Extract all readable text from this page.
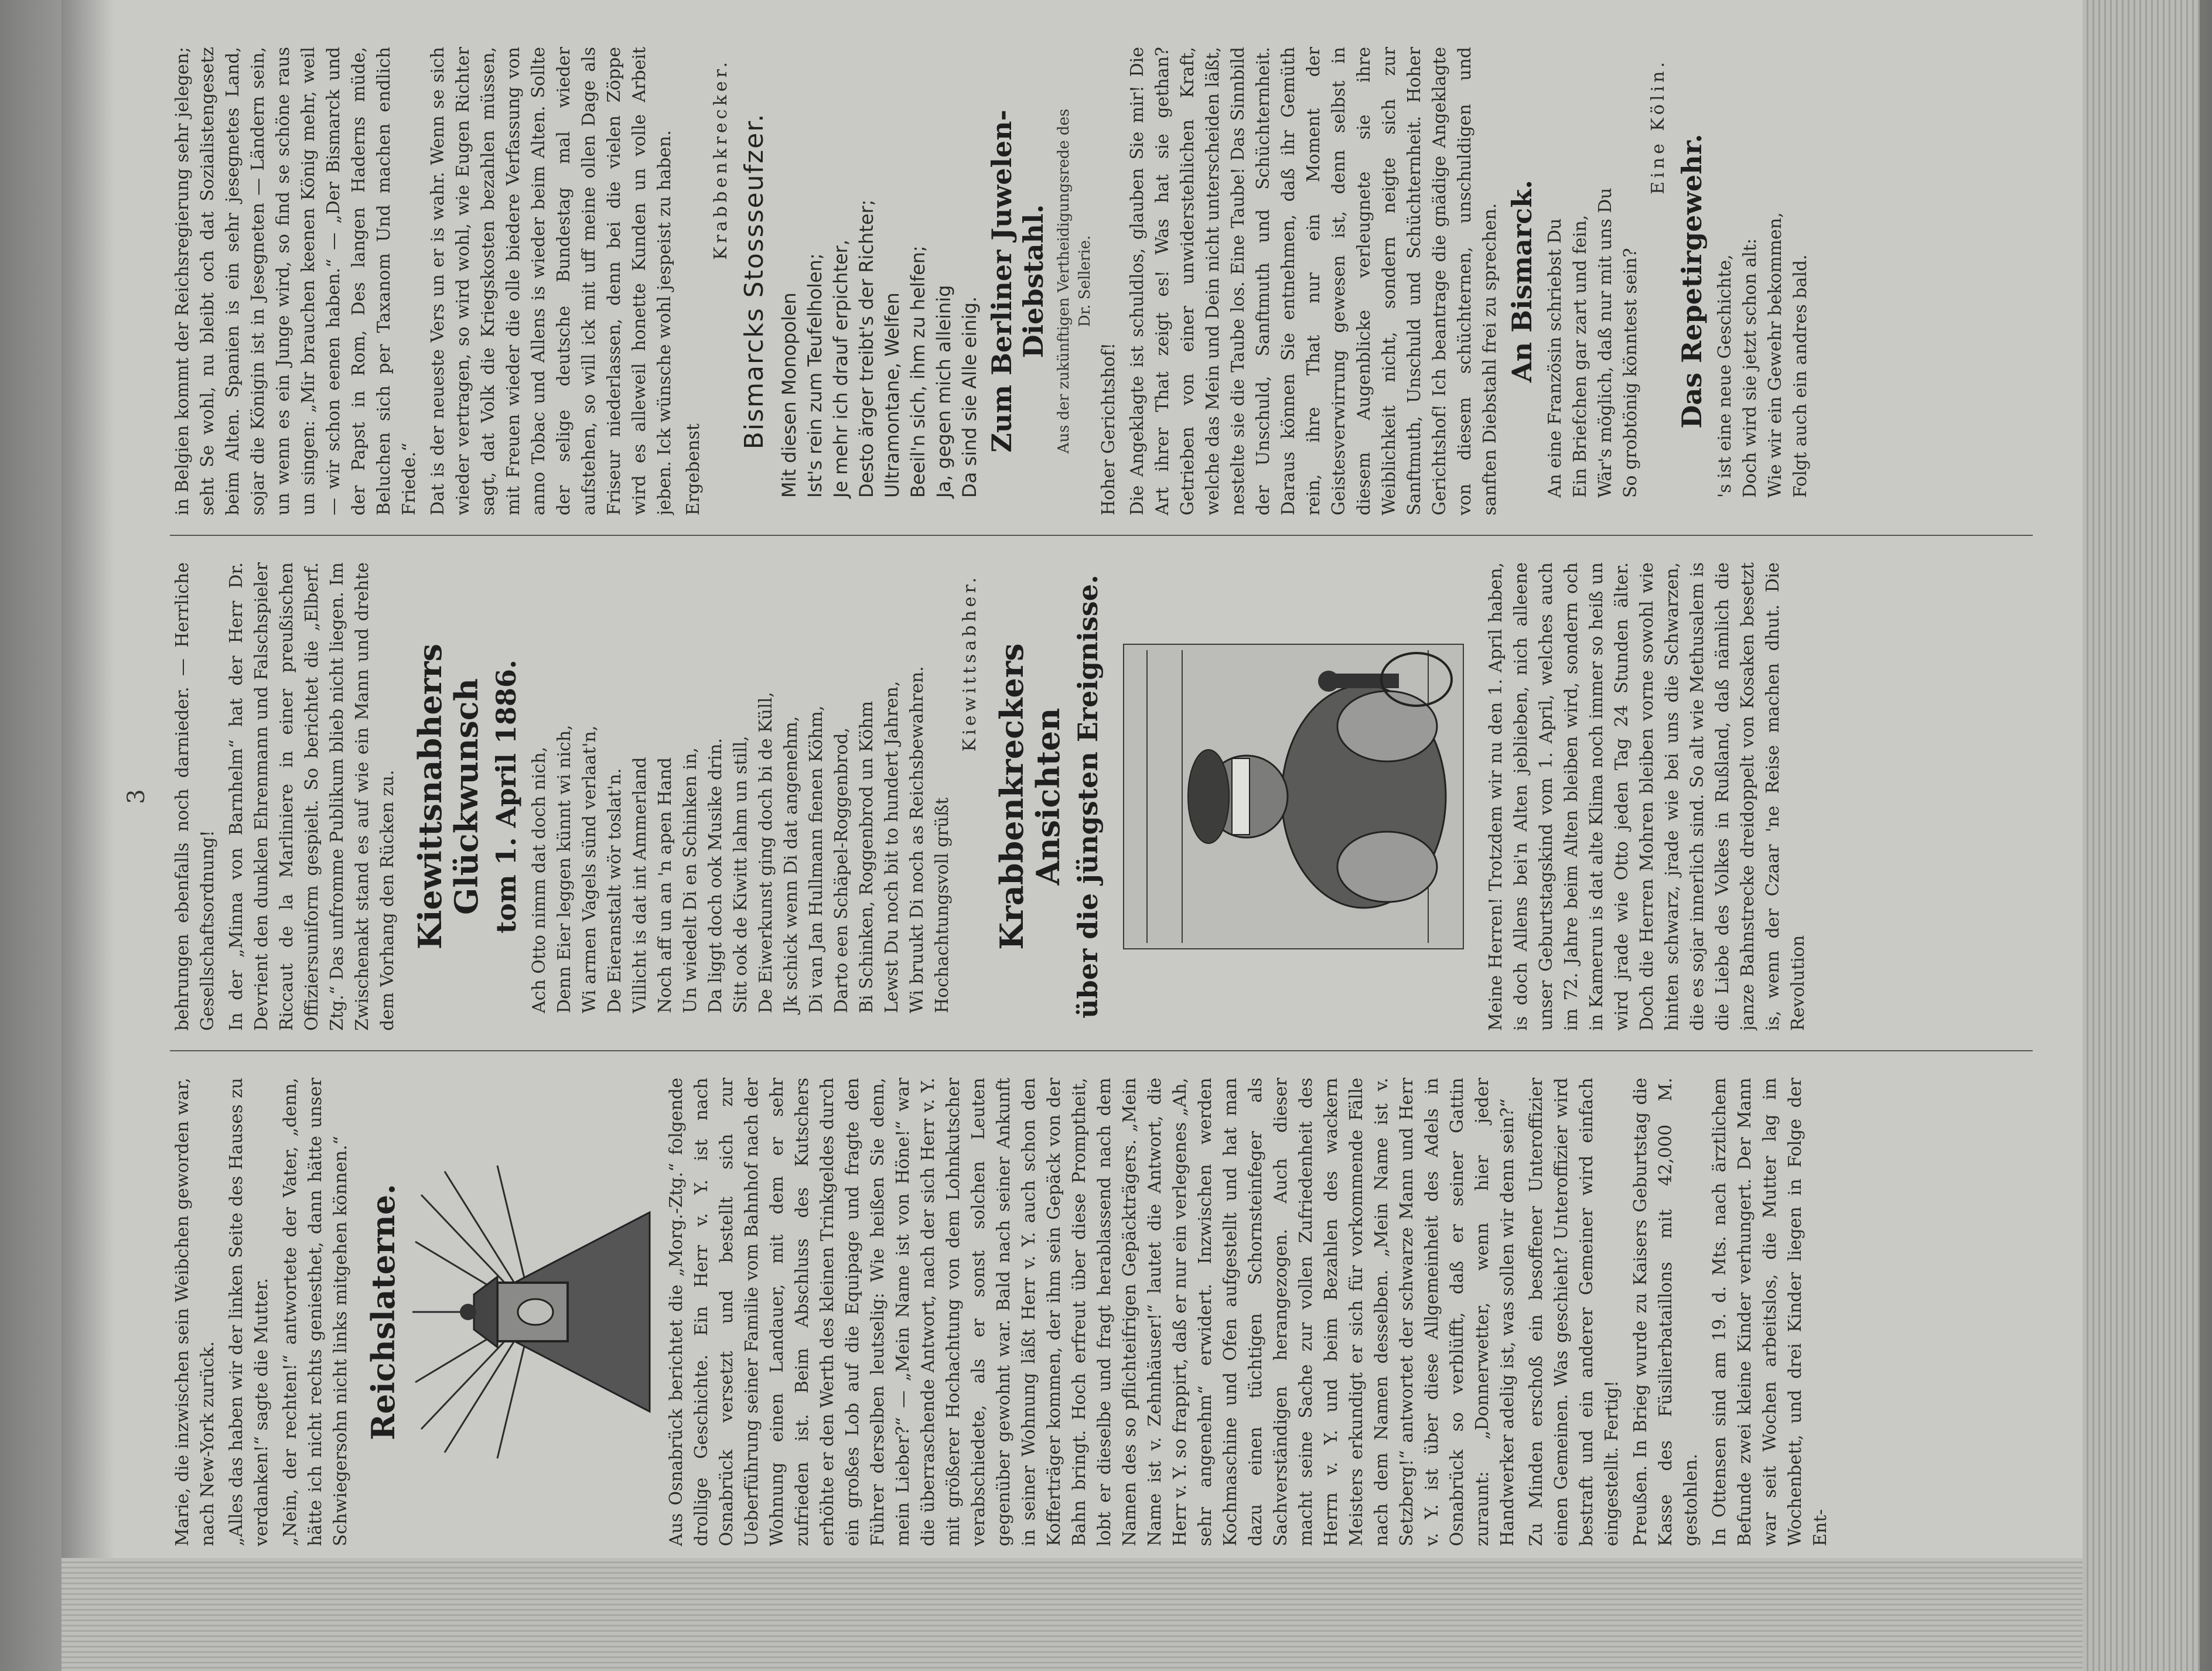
3

Marie, die inzwischen sein Weibchen geworden war, nach New-York zurück. „Alles das haben wir der linken Seite des Hauses zu verdanken!“ sagte die Mutter. „Nein, der rechten!“ antwortete der Vater, „denn, hätte ich nicht rechts geniesthet, dann hätte unser Schwiegersohn nicht links mitgehen können.“ Reichslaterne.	Aus Osnabrück berichtet die „Morg.-Ztg.“ folgende drollige Geschichte. Ein Herr v. Y. ist nach Osnabrück versetzt und bestellt sich zur Ueberführung seiner Familie vom Bahnhof nach der Wohnung einen Landauer, mit dem er sehr zufrieden ist. Beim Abschluss des Kutschers erhöhte er den Werth des kleinen Trinkgeldes durch ein großes Lob auf die Equipage und fragte den Führer derselben leutselig: Wie heißen Sie denn, mein Lieber?“ — „Mein Name ist von Höne!“ war die überraschende Antwort, nach der sich Herr v. Y. mit größerer Hochachtung von dem Lohnkutscher verabschiedete, als er sonst solchen Leuten gegenüber gewohnt war. Bald nach seiner Ankunft in seiner Wohnung läßt Herr v. Y. auch schon den Kofferträger kommen, der ihm sein Gepäck von der Bahn bringt. Hoch erfreut über diese Promptheit, lobt er dieselbe und fragt herablassend nach dem Namen des so pflichteifrigen Gepäckträgers. „Mein Name ist v. Zehnhäuser!“ lautet die Antwort, die Herr v. Y. so frappirt, daß er nur ein verlegenes „Ah, sehr angenehm“ erwidert. Inzwischen werden Kochmaschine und Ofen aufgestellt und hat man dazu einen tüchtigen Schornsteinfeger als Sachverständigen herangezogen. Auch dieser macht seine Sache zur vollen Zufriedenheit des Herrn v. Y. und beim Bezahlen des wackern Meisters erkundigt er sich für vorkommende Fälle nach dem Namen desselben. „Mein Name ist v. Setzberg!“ antwortet der schwarze Mann und Herr v. Y. ist über diese Allgemeinheit des Adels in Osnabrück so verblüfft, daß er seiner Gattin zuraunt: „Donnerwetter, wenn hier jeder Handwerker adelig ist, was sollen wir denn sein?“ Zu Minden erschoß ein besoffener Unteroffizier einen Gemeinen. Was geschieht? Unteroffizier wird bestraft und ein anderer Gemeiner wird einfach eingestellt. Fertig! Preußen. In Brieg wurde zu Kaisers Geburtstag die Kasse des Füsilierbataillons mit 42,000 M. gestohlen. In Ottensen sind am 19. d. Mts. nach ärztlichem Befunde zwei kleine Kinder verhungert. Der Mann war seit Wochen arbeitslos, die Mutter lag im Wochenbett, und drei Kinder liegen in Folge der Ent-

behrungen ebenfalls noch darnieder. — Herrliche Gesellschaftsordnung! In der „Minna von Barnhelm“ hat der Herr Dr. Devrient den dunklen Ehrenmann und Falschspieler Riccaut de la Marliniere in einer preußischen Offiziersuniform gespielt. So berichtet die „Elberf. Ztg.“ Das unfromme Publikum blieb nicht liegen. Im Zwischenakt stand es auf wie ein Mann und drehte dem Vorhang den Rücken zu. Kiewittsnabherrs Glückwunsch tom 1. April 1886. Ach Otto nimm dat doch nich, Denn Eier leggen künnt wi nich, Wi armen Vagels sünd verlaat'n, De Eieranstalt wör toslat'n. Villicht is dat int Ammerland Noch aff un an 'n apen Hand Un wiedelt Di en Schinken in, Da liggt doch ook Musike drin. Sitt ook de Kiwitt lahm un still, De Eiwerkunst ging doch bi de Küll, Jk schick wenn Di dat angenehm, Di van Jan Hullmann fienen Köhm, Darto een Schäpel-Roggenbrod, Bi Schinken, Roggenbrod un Köhm Lewst Du noch bit to hundert Jahren, Wi bruukt Di noch as Reichsbewahren. Hochachtungsvoll grüßt

Kiewittsabher. Krabbenkreckers Ansichten über die jüngsten Ereignisse.	Meine Herren! Trotzdem wir nu den 1. April haben, is doch Allens bei'n Alten jeblieben, nich alleene unser Geburtstagskind vom 1. April, welches auch im 72. Jahre beim Alten bleiben wird, sondern och in Kamerun is dat alte Klima noch immer so heiß un wird jrade wie Otto jeden Tag 24 Stunden älter. Doch die Herren Mohren bleiben vorne sowohl wie hinten schwarz, jrade wie bei uns die Schwarzen, die es sojar innerlich sind. So alt wie Methusalem is die Liebe des Volkes in Rußland, daß nämlich die janze Bahnstrecke dreidoppelt von Kosaken besetzt is, wenn der Czaar 'ne Reise machen dhut. Die Revolution

in Belgien kommt der Reichsregierung sehr jelegen; seht Se wohl, nu bleibt och dat Sozialistengesetz beim Alten. Spanien is ein sehr jesegnetes Land, sojar die Königin ist in Jesegneten — Ländern sein, un wenn es ein Junge wird, so find se schöne raus un singen: „Mir brauchen keenen König mehr, weil — wir schon eenen haben.“ — „Der Bismarck und der Papst in Rom, Des langen Haderns müde, Beluchen sich per Taxanom Und machen endlich Friede.“ Dat is der neueste Vers un er is wahr. Wenn se sich wieder vertragen, so wird wohl, wie Eugen Richter sagt, dat Volk die Kriegskosten bezahlen müssen, mit Freuen wieder die olle biedere Verfassung von anno Tobac und Allens is wieder beim Alten. Sollte der selige deutsche Bundestag mal wieder aufstehen, so will ick mit uff meine ollen Dage als Friseur niederlassen, denn bei die vielen Zöppe wird es alleweil honette Kunden un volle Arbeit jeben. Ick wünsche wohl jespeist zu haben. Ergebenst

Krabbenkrecker. Bismarcks Stossseufzer. Mit diesen Monopolen Ist's rein zum Teufelholen; Je mehr ich drauf erpichter, Desto ärger treibt's der Richter; Ultramontane, Welfen Beeil'n sich, ihm zu helfen; Ja, gegen mich alleinig Da sind sie Alle einig. Zum Berliner Juwelen-Diebstahl. Aus der zukünftigen Vertheidigungsrede des Dr. Sellerie.

Hoher Gerichtshof! Die Angeklagte ist schuldlos, glauben Sie mir! Die Art ihrer That zeigt es! Was hat sie gethan? Getrieben von einer unwiderstehlichen Kraft, welche das Mein und Dein nicht unterscheiden läßt, nestelte sie die Taube los. Eine Taube! Das Sinnbild der Unschuld, Sanftmuth und Schüchternheit. Daraus können Sie entnehmen, daß ihr Gemüth rein, ihre That nur ein Moment der Geistesverwirrung gewesen ist, denn selbst in diesem Augenblicke verleugnete sie ihre Weiblichkeit nicht, sondern neigte sich zur Sanftmuth, Unschuld und Schüchternheit. Hoher Gerichtshof! Ich beantrage die gnädige Angeklagte von diesem schüchternen, unschuldigen und sanften Diebstahl frei zu sprechen. An Bismarck. An eine Französin schriebst Du Ein Briefchen gar zart und fein, Wär's möglich, daß nur mit uns Du So grobtönig könntest sein?

Eine Kölin.
Das Repetirgewehr. 's ist eine neue Geschichte, Doch wird sie jetzt schon alt: Wie wir ein Gewehr bekommen, Folgt auch ein andres bald.
